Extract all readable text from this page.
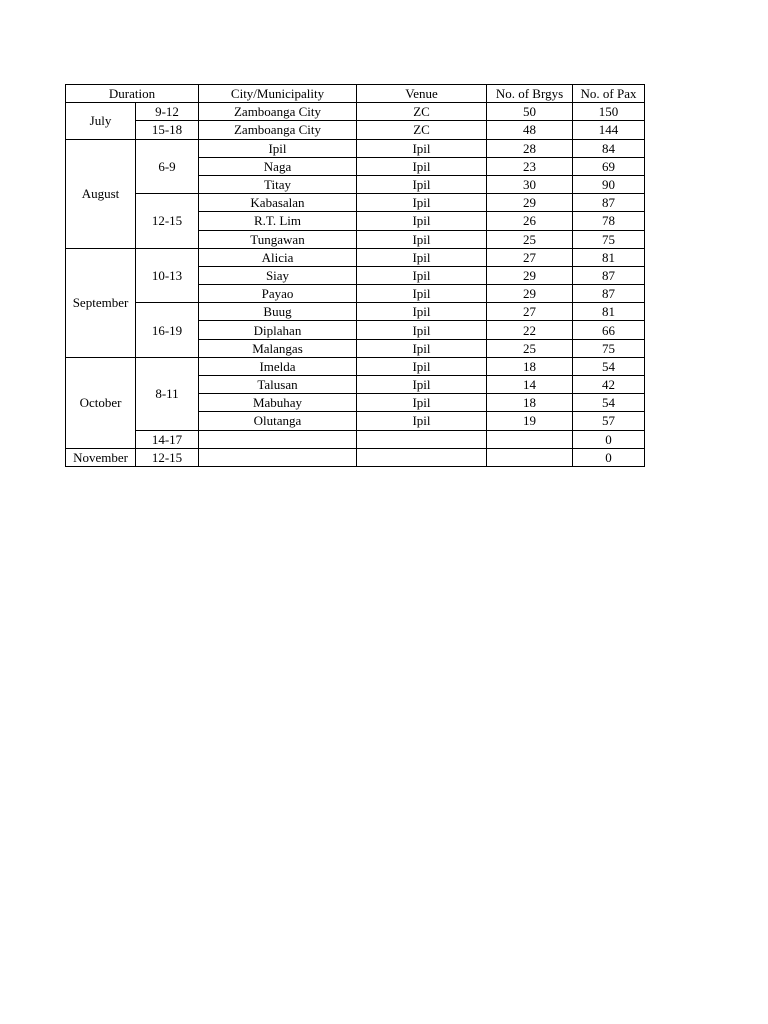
Duration		City/Municipality	Venue	No. of Brgys	No. of Pax
July	9-12	Zamboanga City	ZC	50	150
	15-18	Zamboanga City	ZC	48	144
August	6-9	Ipil	Ipil	28	84
		Naga	Ipil	23	69
		Titay	Ipil	30	90
	12-15	Kabasalan	Ipil	29	87
		R.T. Lim	Ipil	26	78
		Tungawan	Ipil	25	75
September	10-13	Alicia	Ipil	27	81
		Siay	Ipil	29	87
		Payao	Ipil	29	87
	16-19	Buug	Ipil	27	81
		Diplahan	Ipil	22	66
		Malangas	Ipil	25	75
October	8-11	Imelda	Ipil	18	54
		Talusan	Ipil	14	42
		Mabuhay	Ipil	18	54
		Olutanga	Ipil	19	57
	14-17				0
November	12-15				0
